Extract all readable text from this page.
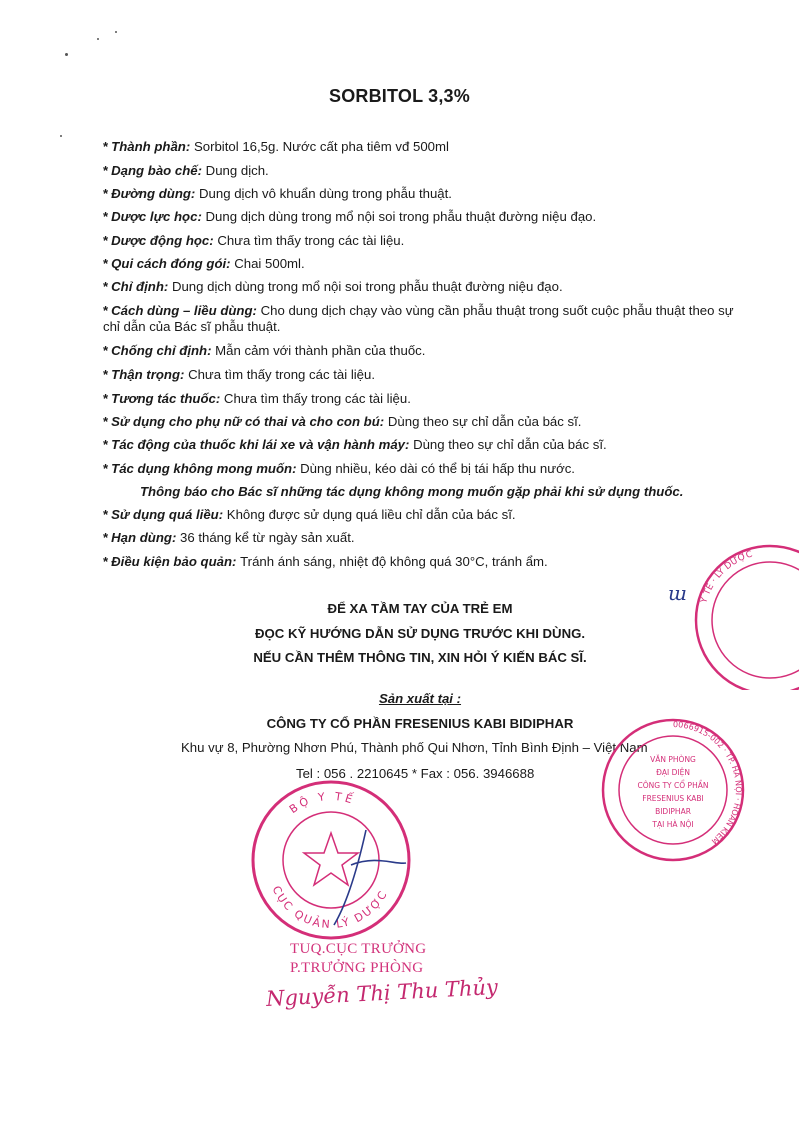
SORBITOL 3,3%
* Thành phần: Sorbitol 16,5g. Nước cất pha tiêm vđ 500ml
* Dạng bào chế: Dung dịch.
* Đường dùng: Dung dịch vô khuẩn dùng trong phẫu thuật.
* Dược lực học: Dung dịch dùng trong mổ nội soi trong phẫu thuật đường niệu đạo.
* Dược động học: Chưa tìm thấy trong các tài liệu.
* Qui cách đóng gói: Chai 500ml.
* Chỉ định: Dung dịch dùng trong mổ nội soi trong phẫu thuật đường niệu đạo.
* Cách dùng – liều dùng: Cho dung dịch chạy vào vùng cần phẫu thuật trong suốt cuộc phẫu thuật theo sự chỉ dẫn của Bác sĩ phẫu thuật.
* Chống chỉ định: Mẫn cảm với thành phần của thuốc.
* Thận trọng: Chưa tìm thấy trong các tài liệu.
* Tương tác thuốc: Chưa tìm thấy trong các tài liệu.
* Sử dụng cho phụ nữ có thai và cho con bú: Dùng theo sự chỉ dẫn của bác sĩ.
* Tác động của thuốc khi lái xe và vận hành máy: Dùng theo sự chỉ dẫn của bác sĩ.
* Tác dụng không mong muốn: Dùng nhiều, kéo dài có thể bị tái hấp thu nước.
* Sử dụng quá liều: Không được sử dụng quá liều chỉ dẫn của bác sĩ.
* Hạn dùng: 36 tháng kể từ ngày sản xuất.
* Điều kiện bảo quản: Tránh ánh sáng, nhiệt độ không quá 30°C, tránh ẩm.
Thông báo cho Bác sĩ những tác dụng không mong muốn gặp phải khi sử dụng thuốc.
ĐỂ XA TẦM TAY CỦA TRẺ EM
ĐỌC KỸ HƯỚNG DẪN SỬ DỤNG TRƯỚC KHI DÙNG.
NẾU CẦN THÊM THÔNG TIN, XIN HỎI Ý KIẾN BÁC SĨ.
Sản xuất tại :
CÔNG TY CỔ PHẦN FRESENIUS KABI BIDIPHAR
Khu vự 8, Phường Nhơn Phú, Thành phố Qui Nhơn, Tỉnh Bình Định – Việt Nam
Tel : 056 . 2210645 * Fax : 056. 3946688
Y TẾ · LÝ DƯỢC
ɯ
BỘ Y TẾ
CỤC QUẢN LÝ DƯỢC
0066915-002 · TP. HÀ NỘI · HOÀN KIẾM
VĂN PHÒNG
ĐẠI DIỆN
CÔNG TY CỔ PHẦN
FRESENIUS KABI
BIDIPHAR
TẠI HÀ NỘI
TUQ.CỤC TRƯỞNG
P.TRƯỞNG PHÒNG
Nguyễn Thị Thu Thủy
